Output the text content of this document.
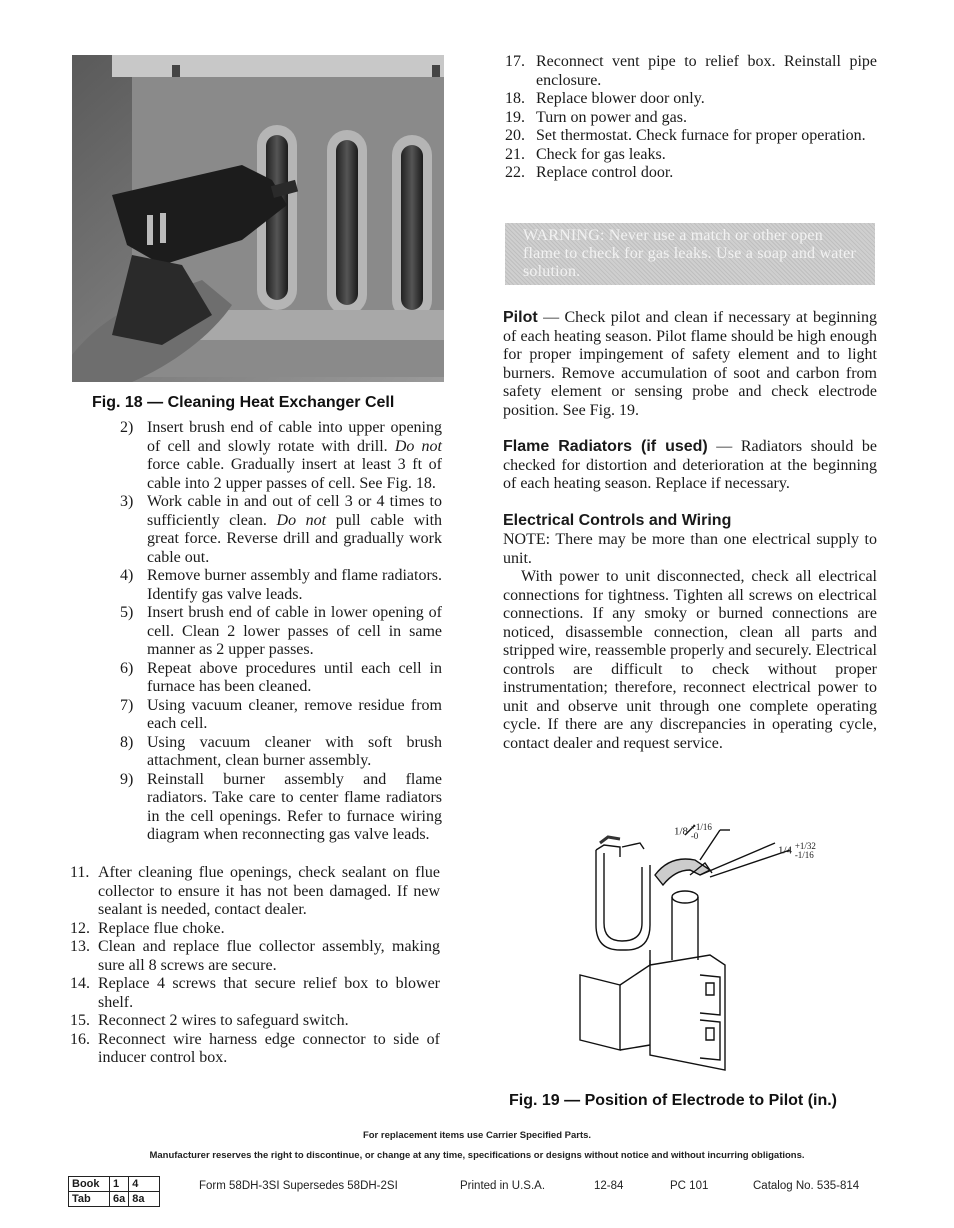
Fig. 18 — Cleaning Heat Exchanger Cell

2) Insert brush end of cable into upper opening of cell and slowly rotate with drill. Do not force cable. Gradually insert at least 3 ft of cable into 2 upper passes of cell. See Fig. 18.

3) Work cable in and out of cell 3 or 4 times to sufficiently clean. Do not pull cable with great force. Reverse drill and gradually work cable out.

4) Remove burner assembly and flame radiators. Identify gas valve leads.

5) Insert brush end of cable in lower opening of cell. Clean 2 lower passes of cell in same manner as 2 upper passes.

6) Repeat above procedures until each cell in furnace has been cleaned.

7) Using vacuum cleaner, remove residue from each cell.

8) Using vacuum cleaner with soft brush attachment, clean burner assembly.

9) Reinstall burner assembly and flame radiators. Take care to center flame radiators in the cell openings. Refer to furnace wiring diagram when reconnecting gas valve leads.

11. After cleaning flue openings, check sealant on flue collector to ensure it has not been damaged. If new sealant is needed, contact dealer.

12. Replace flue choke.

13. Clean and replace flue collector assembly, making sure all 8 screws are secure.

14. Replace 4 screws that secure relief box to blower shelf.

15. Reconnect 2 wires to safeguard switch.

16. Reconnect wire harness edge connector to side of inducer control box.

17. Reconnect vent pipe to relief box. Reinstall pipe enclosure.

18. Replace blower door only.

19. Turn on power and gas.

20. Set thermostat. Check furnace for proper operation.

21. Check for gas leaks.

22. Replace control door.

WARNING: Never use a match or other open flame to check for gas leaks. Use a soap and water solution.

Pilot — Check pilot and clean if necessary at beginning of each heating season. Pilot flame should be high enough for proper impingement of safety element and to light burners. Remove accumulation of soot and carbon from safety element or sensing probe and check electrode position. See Fig. 19.

Flame Radiators (if used) — Radiators should be checked for distortion and deterioration at the beginning of each heating season. Replace if necessary.

Electrical Controls and Wiring

NOTE: There may be more than one electrical supply to unit.

With power to unit disconnected, check all electrical connections for tightness. Tighten all screws on electrical connections. If any smoky or burned connections are noticed, disassemble connection, clean all parts and stripped wire, reassemble properly and securely. Electrical controls are difficult to check without proper instrumentation; therefore, reconnect electrical power to unit and observe unit through one complete operating cycle. If there are any discrepancies in operating cycle, contact dealer and request service.

1/8 +1/16
-0
1/4 +1/32
-1/16
Fig. 19 — Position of Electrode to Pilot (in.)
For replacement items use Carrier Specified Parts.
Manufacturer reserves the right to discontinue, or change at any time, specifications or designs without notice and without incurring obligations.
Book	1	4
Tab	6a	8a
Form 58DH-3SI Supersedes 58DH-2SI	Printed in U.S.A.	12-84	PC 101	Catalog No. 535-814
